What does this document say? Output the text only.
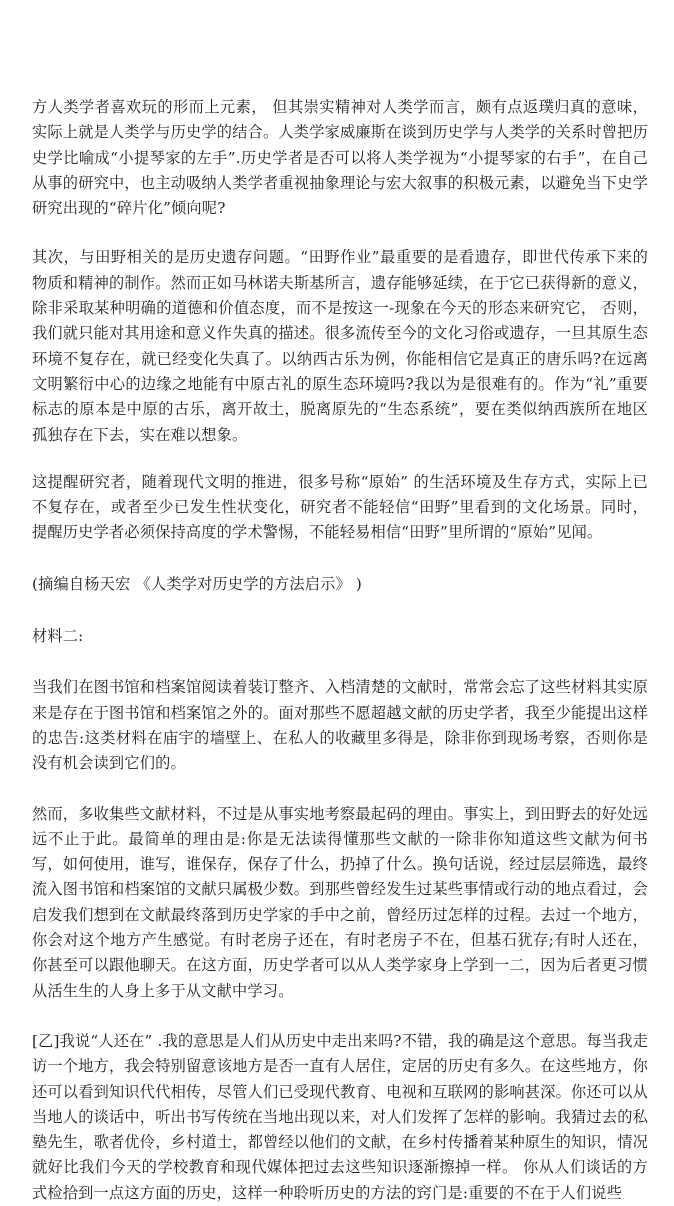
方人类学者喜欢玩的形而上元素， 但其崇实精神对人类学而言，颇有点返璞归真的意味，实际上就是人类学与历史学的结合。人类学家威廉斯在谈到历史学与人类学的关系时曾把历史学比喻成“小提琴家的左手”.历史学者是否可以将人类学视为“小提琴家的右手”，在自己从事的研究中，也主动吸纳人类学者重视抽象理论与宏大叙事的积极元素，以避免当下史学研究出现的“碎片化”倾向呢?

其次，与田野相关的是历史遗存问题。“田野作业”最重要的是看遗存，即世代传承下来的物质和精神的制作。然而正如马林诺夫斯基所言，遗存能够延续，在于它已获得新的意义，除非采取某种明确的道德和价值态度，而不是按这一-现象在今天的形态来研究它， 否则，我们就只能对其用途和意义作失真的描述。很多流传至今的文化习俗或遗存，一旦其原生态环境不复存在，就已经变化失真了。以纳西古乐为例，你能相信它是真正的唐乐吗?在远离文明繁衍中心的边缘之地能有中原古礼的原生态环境吗?我以为是很难有的。作为“礼”重要标志的原本是中原的古乐，离开故土，脱离原先的“生态系统”，要在类似纳西族所在地区孤独存在下去，实在难以想象。

这提醒研究者，随着现代文明的推进，很多号称“原始” 的生活环境及生存方式，实际上已不复存在，或者至少已发生性状变化，研究者不能轻信“田野”里看到的文化场景。同时，提醒历史学者必须保持高度的学术警惕，不能轻易相信“田野”里所谓的“原始”见闻。

(摘编自杨天宏 《人类学对历史学的方法启示》 )

材料二:

当我们在图书馆和档案馆阅读着装订整齐、入档清楚的文献时，常常会忘了这些材料其实原来是存在于图书馆和档案馆之外的。面对那些不愿超越文献的历史学者，我至少能提出这样的忠告:这类材料在庙宇的墙壁上、在私人的收藏里多得是，除非你到现场考察，否则你是没有机会读到它们的。

然而，多收集些文献材料，不过是从事实地考察最起码的理由。事实上，到田野去的好处远远不止于此。最简单的理由是:你是无法读得懂那些文献的一除非你知道这些文献为何书写，如何使用，谁写，谁保存，保存了什么，扔掉了什么。换句话说，经过层层筛选，最终流入图书馆和档案馆的文献只属极少数。到那些曾经发生过某些事情或行动的地点看过，会启发我们想到在文献最终落到历史学家的手中之前，曾经历过怎样的过程。去过一个地方，你会对这个地方产生感觉。有时老房子还在，有时老房子不在，但基石犹存;有时人还在，你甚至可以跟他聊天。在这方面，历史学者可以从人类学家身上学到一二，因为后者更习惯从活生生的人身上多于从文献中学习。

[乙]我说“人还在” .我的意思是人们从历史中走出来吗?不错，我的确是这个意思。每当我走访一个地方，我会特别留意该地方是否一直有人居住，定居的历史有多久。在这些地方，你还可以看到知识代代相传，尽管人们已受现代教育、电视和互联网的影响甚深。你还可以从当地人的谈话中，听出书写传统在当地出现以来，对人们发挥了怎样的影响。我猜过去的私塾先生，歌者优伶，乡村道士，都曾经以他们的文献，在乡村传播着某种原生的知识，情况就好比我们今天的学校教育和现代媒体把过去这些知识逐渐擦掉一样。 你从人们谈话的方式检拾到一点这方面的历史，这样一种聆听历史的方法的窍门是:重要的不在于人们说些
